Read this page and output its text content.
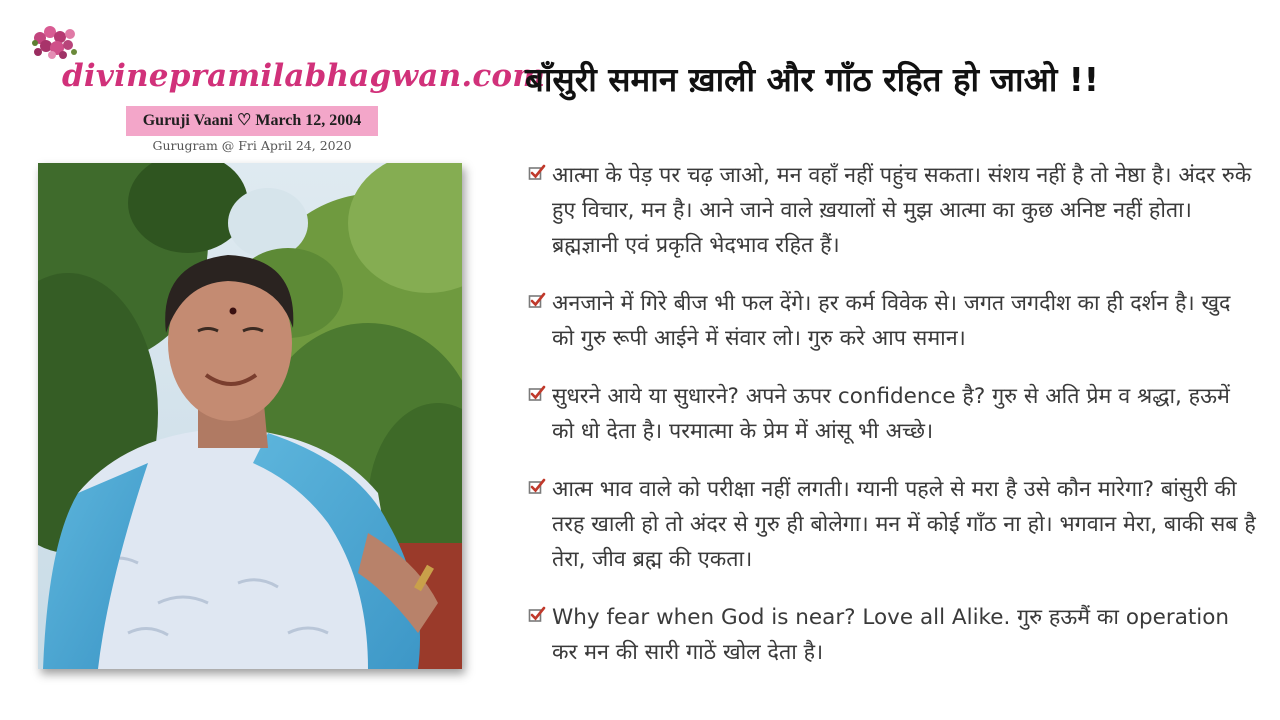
divinepramilabhagwan.com
Guruji Vaani ♡ March 12, 2004
Gurugram @ Fri April 24, 2020
बाँसुरी समान ख़ाली और गाँठ रहित हो जाओ !!
आत्मा के पेड़ पर चढ़ जाओ, मन वहाँ नहीं पहुंच सकता। संशय नहीं है तो नेष्ठा है। अंदर रुके हुए विचार, मन है। आने जाने वाले ख़यालों से मुझ आत्मा का कुछ अनिष्ट नहीं होता। ब्रह्मज्ञानी एवं प्रकृति भेदभाव रहित हैं।
अनजाने में गिरे बीज भी फल देंगे। हर कर्म विवेक से। जगत जगदीश का ही दर्शन है। खुद को गुरु रूपी आईने में संवार लो। गुरु करे आप समान।
सुधरने आये या सुधारने? अपने ऊपर confidence है? गुरु से अति प्रेम व श्रद्धा, हऊमें को धो देता है। परमात्मा के प्रेम में आंसू भी अच्छे।
आत्म भाव वाले को परीक्षा नहीं लगती। ग्यानी पहले से मरा है उसे कौन मारेगा? बांसुरी की तरह खाली हो तो अंदर से गुरु ही बोलेगा। मन में कोई गाँठ ना हो। भगवान मेरा, बाकी सब है तेरा, जीव ब्रह्म की एकता।
Why fear when God is near? Love all Alike. गुरु हऊमैं का operation कर मन की सारी गाठें खोल देता है।
